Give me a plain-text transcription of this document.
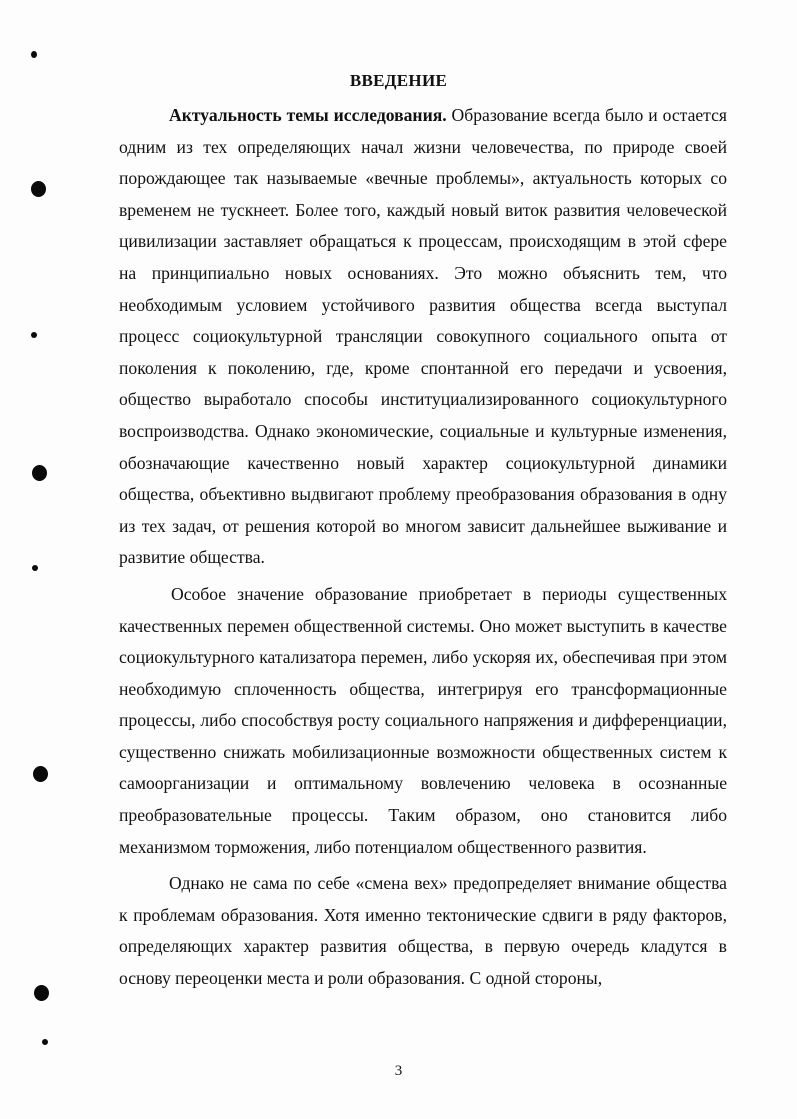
ВВЕДЕНИЕ

Актуальность темы исследования. Образование всегда было и остается одним из тех определяющих начал жизни человечества, по природе своей порождающее так называемые «вечные проблемы», актуальность которых со временем не тускнеет. Более того, каждый новый виток развития человеческой цивилизации заставляет обращаться к процессам, происходящим в этой сфере на принципиально новых основаниях. Это можно объяснить тем, что необходимым условием устойчивого развития общества всегда выступал процесс социокультурной трансляции совокупного социального опыта от поколения к поколению, где, кроме спонтанной его передачи и усвоения, общество выработало способы институциализированного социокультурного воспроизводства. Однако экономические, социальные и культурные изменения, обозначающие качественно новый характер социокультурной динамики общества, объективно выдвигают проблему преобразования образования в одну из тех задач, от решения которой во многом зависит дальнейшее выживание и развитие общества.

Особое значение образование приобретает в периоды существенных качественных перемен общественной системы. Оно может выступить в качестве социокультурного катализатора перемен, либо ускоряя их, обеспечивая при этом необходимую сплоченность общества, интегрируя его трансформационные процессы, либо способствуя росту социального напряжения и дифференциации, существенно снижать мобилизационные возможности общественных систем к самоорганизации и оптимальному вовлечению человека в осознанные преобразовательные процессы. Таким образом, оно становится либо механизмом торможения, либо потенциалом общественного развития.

Однако не сама по себе «смена вех» предопределяет внимание общества к проблемам образования. Хотя именно тектонические сдвиги в ряду факторов, определяющих характер развития общества, в первую очередь кладутся в основу переоценки места и роли образования. С одной стороны,

3
